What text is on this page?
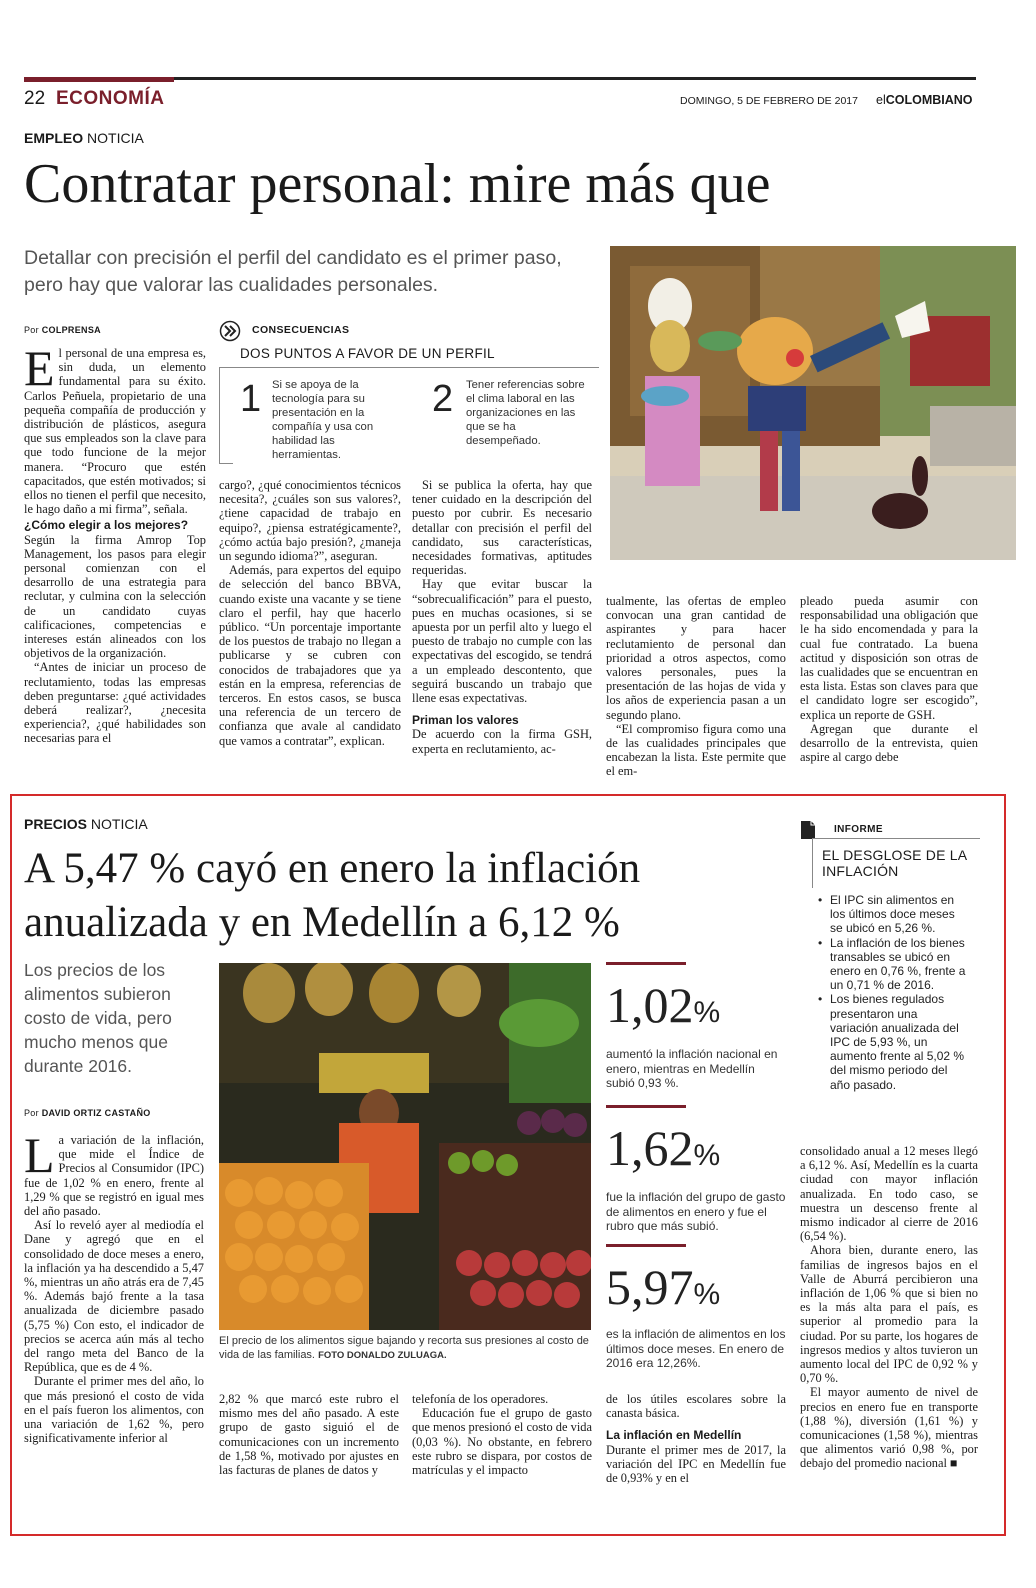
22 ECONOMÍA	DOMINGO, 5 DE FEBRERO DE 2017 elCOLOMBIANO
EMPLEO NOTICIA
Contratar personal: mire más que
Detallar con precisión el perfil del candidato es el primer paso, pero hay que valorar las cualidades personales.
Por COLPRENSA

El personal de una empresa es, sin duda, un elemento fundamental para su éxito. Carlos Peñuela, propietario de una pequeña compañía de producción y distribución de plásticos, asegura que sus empleados son la clave para que todo funcione de la mejor manera. “Procuro que estén capacitados, que estén motivados; si ellos no tienen el perfil que necesito, le hago daño a mi firma”, señala.

¿Cómo elegir a los mejores?

Según la firma Amrop Top Management, los pasos para elegir personal comienzan con el desarrollo de una estrategia para reclutar, y culmina con la selección de un candidato cuyas calificaciones, competencias e intereses están alineados con los objetivos de la organización.

“Antes de iniciar un proceso de reclutamiento, todas las empresas deben preguntarse: ¿qué actividades deberá realizar?, ¿necesita experiencia?, ¿qué habilidades son necesarias para el

CONSECUENCIAS
DOS PUNTOS A FAVOR DE UN PERFIL
1 Si se apoya de la tecnología para su presentación en la compañía y usa con habilidad las herramientas.
2 Tener referencias sobre el clima laboral en las organizaciones en las que se ha desempeñado.

cargo?, ¿qué conocimientos técnicos necesita?, ¿cuáles son sus valores?, ¿tiene capacidad de trabajo en equipo?, ¿piensa estratégicamente?, ¿cómo actúa bajo presión?, ¿maneja un segundo idioma?”, aseguran.

Además, para expertos del equipo de selección del banco BBVA, cuando existe una vacante y se tiene claro el perfil, hay que hacerlo público. “Un porcentaje importante de los puestos de trabajo no llegan a publicarse y se cubren con conocidos de trabajadores que ya están en la empresa, referencias de terceros. En estos casos, se busca una referencia de un tercero de confianza que avale al candidato que vamos a contratar”, explican.

Si se publica la oferta, hay que tener cuidado en la descripción del puesto por cubrir. Es necesario detallar con precisión el perfil del candidato, sus características, necesidades formativas, aptitudes requeridas.

Hay que evitar buscar la “sobrecualificación” para el puesto, pues en muchas ocasiones, si se apuesta por un perfil alto y luego el puesto de trabajo no cumple con las expectativas del escogido, se tendrá a un empleado descontento, que seguirá buscando un trabajo que llene esas expectativas.

Priman los valores

De acuerdo con la firma GSH, experta en reclutamiento, ac-

tualmente, las ofertas de empleo convocan una gran cantidad de aspirantes y para hacer reclutamiento de personal dan prioridad a otros aspectos, como valores personales, pues la presentación de las hojas de vida y los años de experiencia pasan a un segundo plano.

“El compromiso figura como una de las cualidades principales que encabezan la lista. Este permite que el em-

pleado pueda asumir con responsabilidad una obligación que le ha sido encomendada y para la cual fue contratado. La buena actitud y disposición son otras de las cualidades que se encuentran en esta lista. Estas son claves para que el candidato logre ser escogido”, explica un reporte de GSH.

Agregan que durante el desarrollo de la entrevista, quien aspire al cargo debe

PRECIOS NOTICIA
A 5,47 % cayó en enero la inflación anualizada y en Medellín a 6,12 %
Los precios de los alimentos subieron costo de vida, pero mucho menos que durante 2016.
Por DAVID ORTIZ CASTAÑO

La variación de la inflación, que mide el Índice de Precios al Consumidor (IPC) fue de 1,02 % en enero, frente al 1,29 % que se registró en igual mes del año pasado.

Así lo reveló ayer al mediodía el Dane y agregó que en el consolidado de doce meses a enero, la inflación ya ha descendido a 5,47 %, mientras un año atrás era de 7,45 %. Además bajó frente a la tasa anualizada de diciembre pasado (5,75 %) Con esto, el indicador de precios se acerca aún más al techo del rango meta del Banco de la República, que es de 4 %.

Durante el primer mes del año, lo que más presionó el costo de vida en el país fueron los alimentos, con una variación de 1,62 %, pero significativamente inferior al

El precio de los alimentos sigue bajando y recorta sus presiones al costo de vida de las familias. FOTO DONALDO ZULUAGA.
1,02%
aumentó la inflación nacional en enero, mientras en Medellín subió 0,93 %.
1,62%
fue la inflación del grupo de gasto de alimentos en enero y fue el rubro que más subió.
5,97%
es la inflación de alimentos en los últimos doce meses. En enero de 2016 era 12,26%.
INFORME
EL DESGLOSE DE LA INFLACIÓN
• El IPC sin alimentos en los últimos doce meses se ubicó en 5,26 %.
• La inflación de los bienes transables se ubicó en enero en 0,76 %, frente a un 0,71 % de 2016.
• Los bienes regulados presentaron una variación anualizada del IPC de 5,93 %, un aumento frente al 5,02 % del mismo periodo del año pasado.

consolidado anual a 12 meses llegó a 6,12 %. Así, Medellín es la cuarta ciudad con mayor inflación anualizada. En todo caso, se muestra un descenso frente al mismo indicador al cierre de 2016 (6,54 %).

Ahora bien, durante enero, las familias de ingresos bajos en el Valle de Aburrá percibieron una inflación de 1,06 % que si bien no es la más alta para el país, es superior al promedio para la ciudad. Por su parte, los hogares de ingresos medios y altos tuvieron un aumento local del IPC de 0,92 % y 0,70 %.

El mayor aumento de nivel de precios en enero fue en transporte (1,88 %), diversión (1,61 %) y comunicaciones (1,58 %), mientras que alimentos varió 0,98 %, por debajo del promedio nacional ■

2,82 % que marcó este rubro el mismo mes del año pasado. A este grupo de gasto siguió el de comunicaciones con un incremento de 1,58 %, motivado por ajustes en las facturas de planes de datos y

telefonía de los operadores.

Educación fue el grupo de gasto que menos presionó el costo de vida (0,03 %). No obstante, en febrero este rubro se dispara, por costos de matrículas y el impacto

de los útiles escolares sobre la canasta básica.

La inflación en Medellín

Durante el primer mes de 2017, la variación del IPC en Medellín fue de 0,93% y en el
